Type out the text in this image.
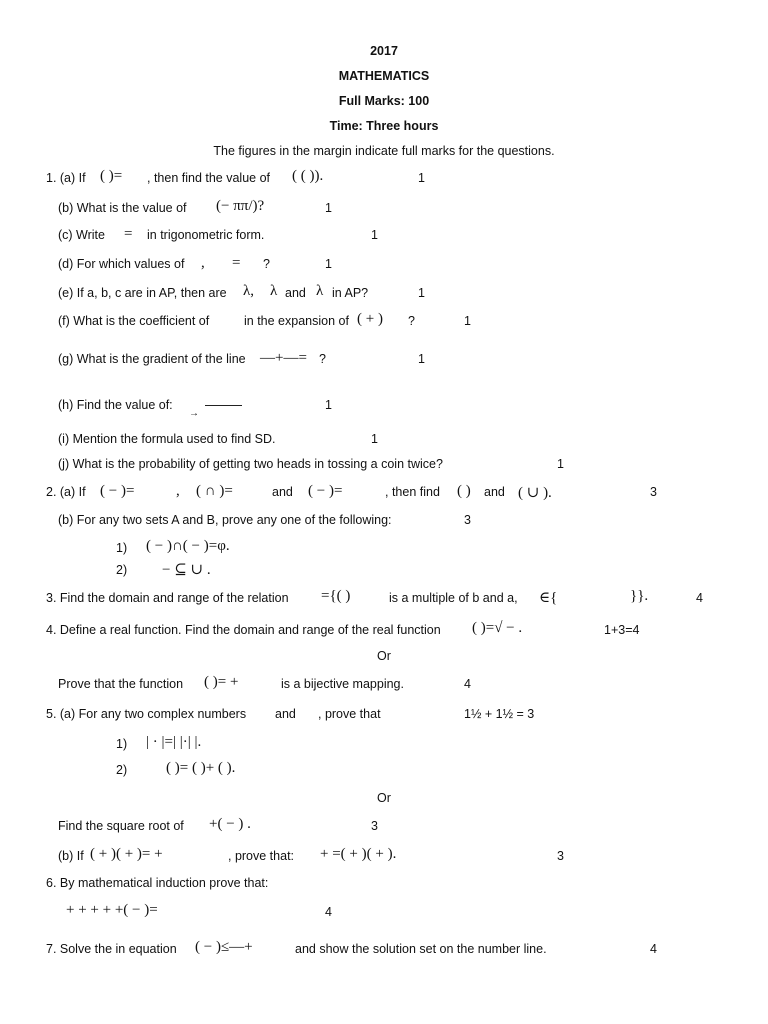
2017
MATHEMATICS
Full Marks: 100
Time: Three hours
The figures in the margin indicate full marks for the questions.
1. (a) If ( )= , then find the value of ( ( )).	1
(b) What is the value of (− ππ/)?	1
(c) Write = in trigonometric form.	1
(d) For which values of , = ?	1
(e) If a, b, c are in AP, then are λ, λ and λ in AP?	1
(f) What is the coefficient of	in the expansion of ( + ) ?	1
(g) What is the gradient of the line —+—= ?	1
(h) Find the value of:
→
1
(i) Mention the formula used to find SD.	1
(j) What is the probability of getting two heads in tossing a coin twice?	1
2. (a) If ( − )=	, ( ∩ )=	and ( − )=	, then find ( ) and ( ∪ ).	3
(b) For any two sets A and B, prove any one of the following:	3
1) ( − )∩( − )=φ.
2) − ⊆ ∪ .
3. Find the domain and range of the relation ={( )	is a multiple of b and a, ∈{	}}.	4
4. Define a real function. Find the domain and range of the real function ( )=√ − .	1+3=4
Or
Prove that the function ( )= +	is a bijective mapping.	4
5. (a) For any two complex numbers and , prove that	1½ + 1½ = 3
1) | · |=| |·| |.
2)	( )= ( )+ ( ).
Or
Find the square root of +( − ) .	3
(b) If ( + )( + )= +	, prove that: + =( + )( + ).	3
6. By mathematical induction prove that:
+ + + + +( − )=	4
7. Solve the in equation ( − )≤—+	and show the solution set on the number line.	4
